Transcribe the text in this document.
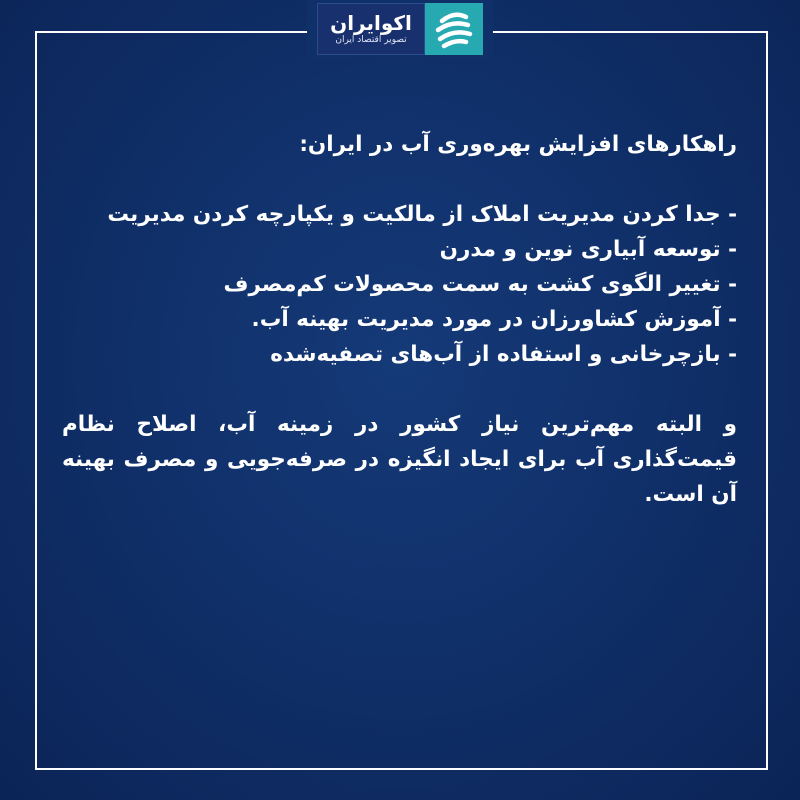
اکوایران
تصویر اقتصاد ایران

راهکارهای افزایش بهره‌وری آب در ایران:

- جدا کردن مدیریت املاک از مالکیت و یکپارچه کردن مدیریت
- توسعه آبیاری نوین و مدرن
- تغییر الگوی کشت به سمت محصولات کم‌مصرف
- آموزش کشاورزان در مورد مدیریت بهینه آب.
- بازچرخانی و استفاده از آب‌های تصفیه‌شده

و البته مهم‌ترین نیاز کشور در زمینه آب، اصلاح نظام قیمت‌گذاری آب برای ایجاد انگیزه در صرفه‌جویی و مصرف بهینه آن است.
